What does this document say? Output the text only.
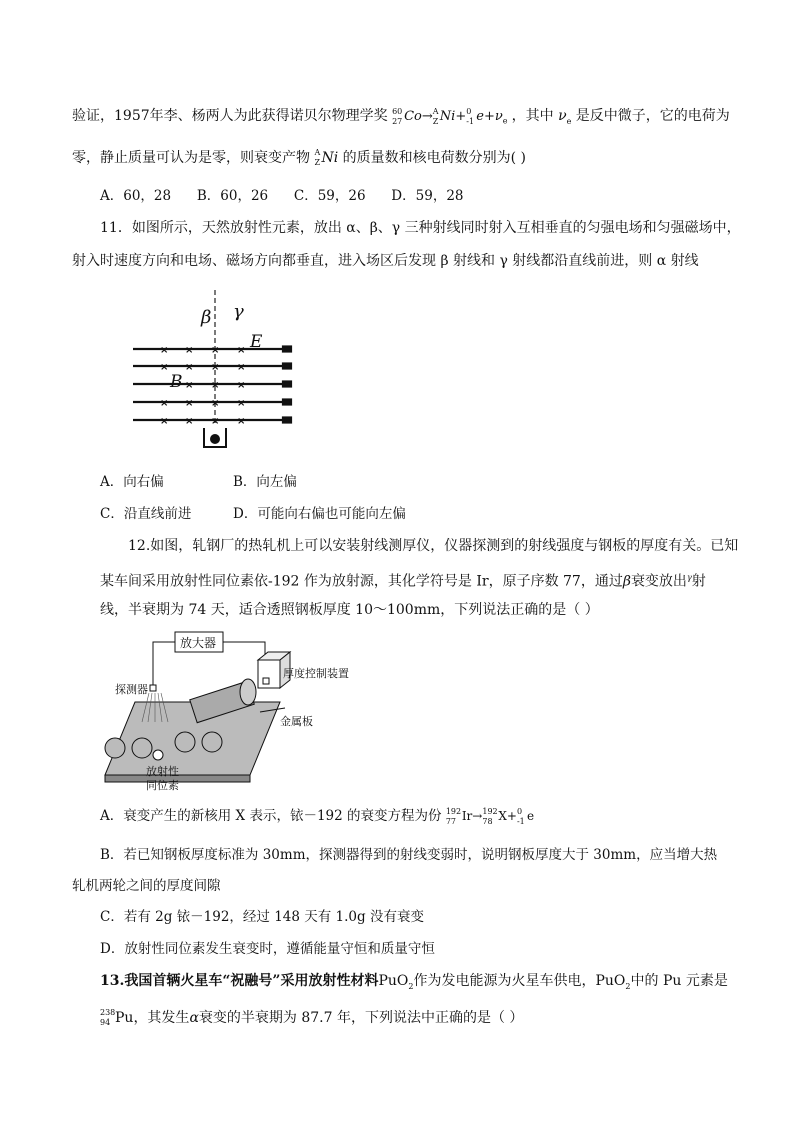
验证，1957年李、杨两人为此获得诺贝尔物理学奖 60
27 Co→ A
Z Ni+ 0
-1 $e+\nu_e$ ，其中 $\nu_e$ 是反中微子，它的电荷为
零，静止质量可认为是零，则衰变产物 A
Z Ni 的质量数和核电荷数分别为( )
A．60，28      B．60，26      C．59，26      D．59，28
11．如图所示，天然放射性元素，放出 α、β、γ 三种射线同时射入互相垂直的匀强电场和匀强磁场中，
射入时速度方向和电场、磁场方向都垂直，进入场区后发现 β 射线和 γ 射线都沿直线前进，则 α 射线
β γ
E
B
× × × ×
× × × ×
× × ×
× × × ×
× × × ×
A．向右偏	B．向左偏
C．沿直线前进	D．可能向右偏也可能向左偏
12.如图，轧钢厂的热轧机上可以安装射线测厚仪，仪器探测到的射线强度与钢板的厚度有关。已知
某车间采用放射性同位素依-192 作为放射源，其化学符号是 Ir，原子序数 77，通过β衰变放出$^\gamma$射
线，半衰期为 74 天，适合透照钢板厚度 10～100mm，下列说法正确的是（ ）
放大器
探测器
厚度控制装置
金属板
放射性
同位素
A．衰变产生的新核用 X 表示，铱－192 的衰变方程为份 192
77 Ir→ 192
78 X+ 0
-1 e
B．若已知钢板厚度标准为 30mm，探测器得到的射线变弱时，说明钢板厚度大于 30mm，应当增大热
轧机两轮之间的厚度间隙
C．若有 2g 铱－192，经过 148 天有 1.0g 没有衰变
D．放射性同位素发生衰变时，遵循能量守恒和质量守恒
13.我国首辆火星车“祝融号”采用放射性材料PuO$_2$作为发电能源为火星车供电，PuO$_2$中的 Pu 元素是
238
94 Pu，其发生α衰变的半衰期为 87.7 年，下列说法中正确的是（ ）
